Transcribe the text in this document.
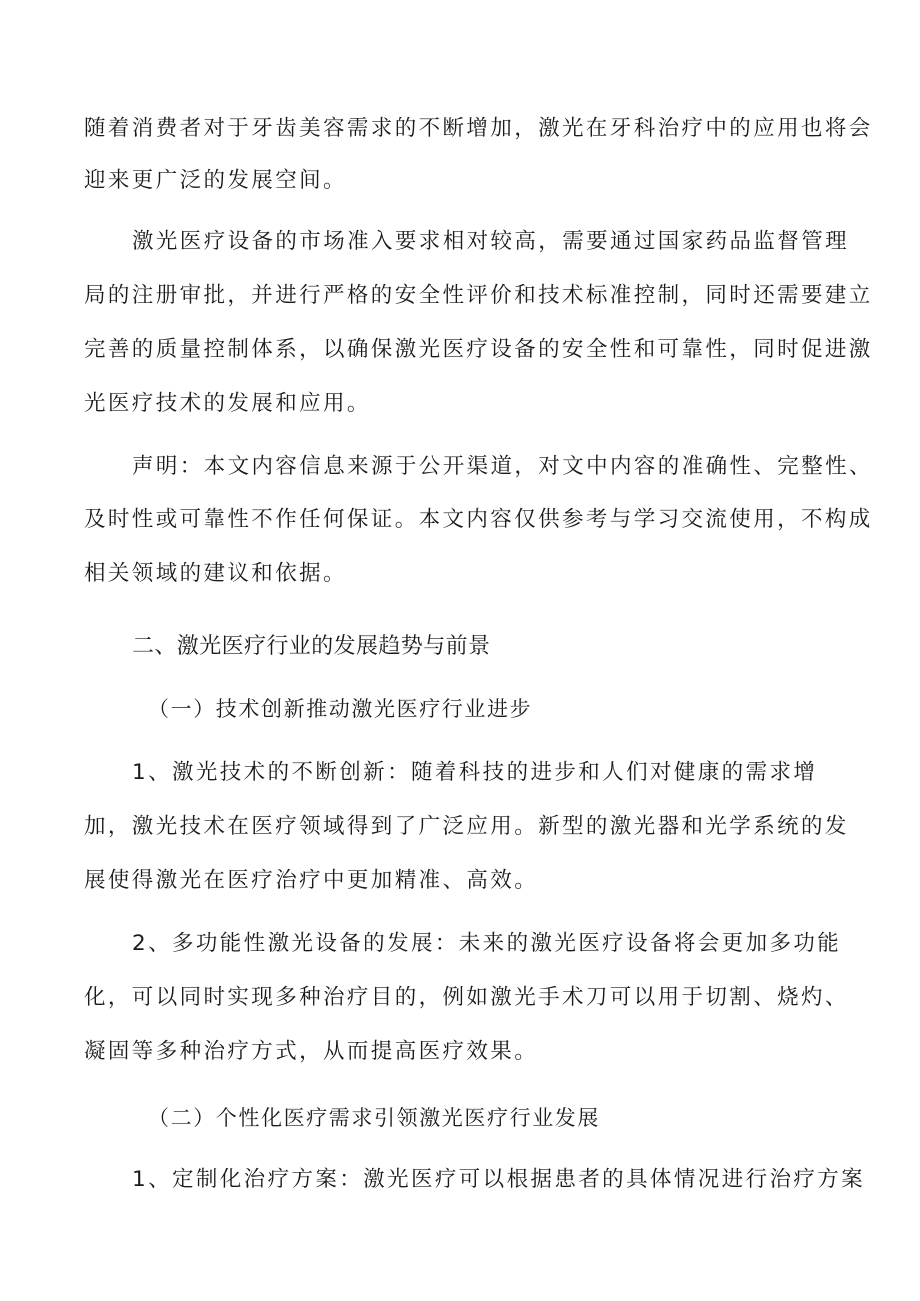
随着消费者对于牙齿美容需求的不断增加，激光在牙科治疗中的应用也将会
迎来更广泛的发展空间。
激光医疗设备的市场准入要求相对较高，需要通过国家药品监督管理
局的注册审批，并进行严格的安全性评价和技术标准控制，同时还需要建立
完善的质量控制体系，以确保激光医疗设备的安全性和可靠性，同时促进激
光医疗技术的发展和应用。
声明：本文内容信息来源于公开渠道，对文中内容的准确性、完整性、
及时性或可靠性不作任何保证。本文内容仅供参考与学习交流使用，不构成
相关领域的建议和依据。
二、激光医疗行业的发展趋势与前景
（一）技术创新推动激光医疗行业进步
1、激光技术的不断创新：随着科技的进步和人们对健康的需求增
加，激光技术在医疗领域得到了广泛应用。新型的激光器和光学系统的发
展使得激光在医疗治疗中更加精准、高效。
2、多功能性激光设备的发展：未来的激光医疗设备将会更加多功能
化，可以同时实现多种治疗目的，例如激光手术刀可以用于切割、烧灼、
凝固等多种治疗方式，从而提高医疗效果。
（二）个性化医疗需求引领激光医疗行业发展
1、定制化治疗方案：激光医疗可以根据患者的具体情况进行治疗方案
